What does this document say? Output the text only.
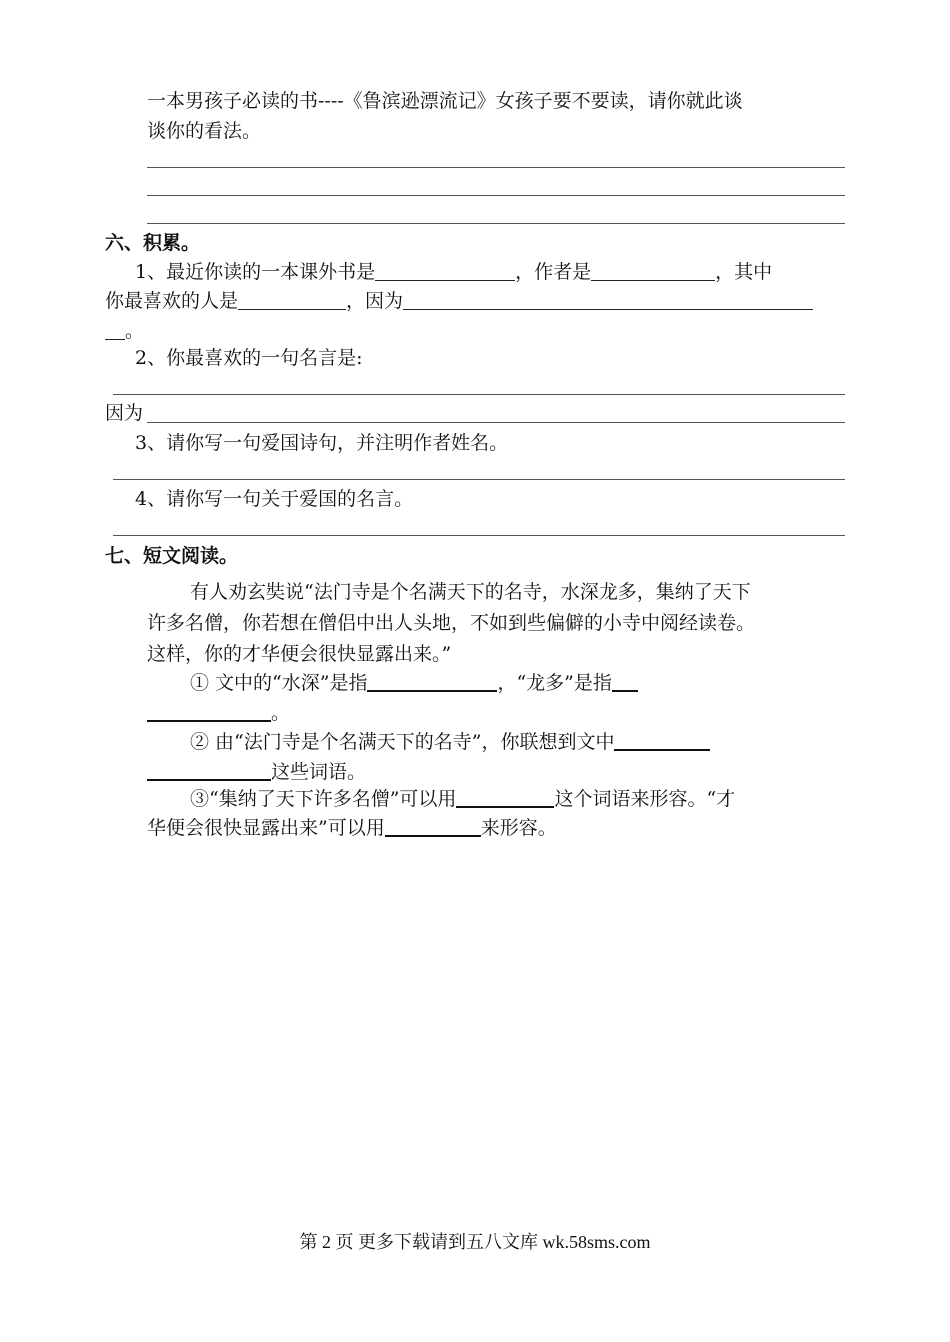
一本男孩子必读的书----《鲁滨逊漂流记》女孩子要不要读，请你就此谈
谈你的看法。
六、积累。
1、最近你读的一本课外书是	，作者是	，其中
你最喜欢的人是	，因为
。
2、你最喜欢的一句名言是:
因为
3、请你写一句爱国诗句，并注明作者姓名。
4、请你写一句关于爱国的名言。
七、短文阅读。
有人劝玄奘说“法门寺是个名满天下的名寺，水深龙多，集纳了天下
许多名僧，你若想在僧侣中出人头地，不如到些偏僻的小寺中阅经读卷。
这样，你的才华便会很快显露出来。”
① 文中的“水深”是指	，“龙多”是指
。
② 由“法门寺是个名满天下的名寺”，你联想到文中
这些词语。
③“集纳了天下许多名僧”可以用	这个词语来形容。“才
华便会很快显露出来”可以用	来形容。
第 2 页 更多下载请到五八文库 wk.58sms.com
